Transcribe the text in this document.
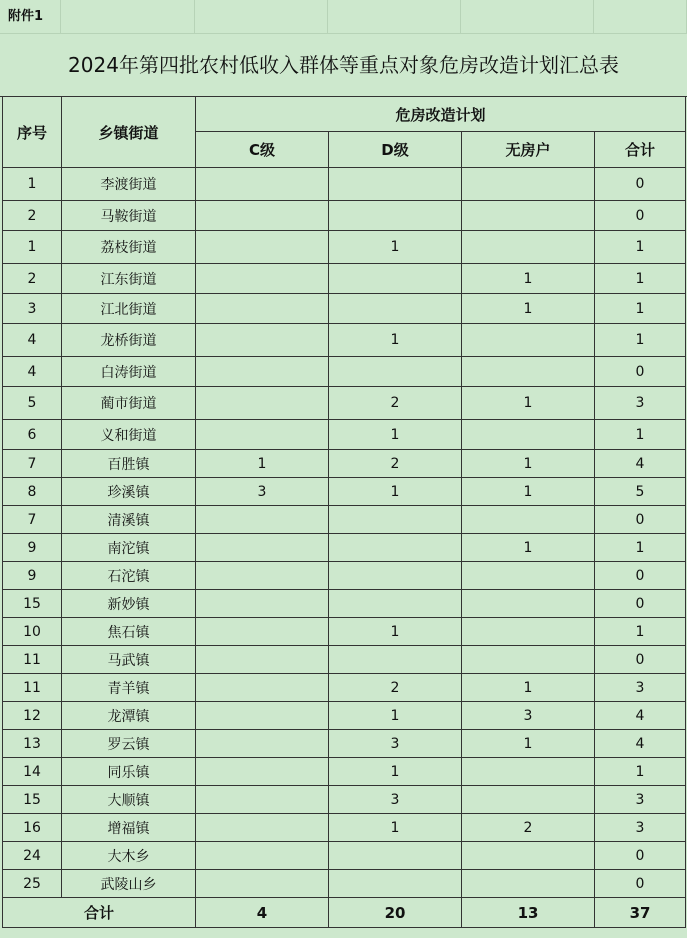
附件1
2024年第四批农村低收入群体等重点对象危房改造计划汇总表
序号	乡镇街道	危房改造计划			
		C级	D级	无房户	合计
1	李渡街道				0
2	马鞍街道				0
1	荔枝街道		1		1
2	江东街道			1	1
3	江北街道			1	1
4	龙桥街道		1		1
4	白涛街道				0
5	蔺市街道		2	1	3
6	义和街道		1		1
7	百胜镇	1	2	1	4
8	珍溪镇	3	1	1	5
7	清溪镇				0
9	南沱镇			1	1
9	石沱镇				0
15	新妙镇				0
10	焦石镇		1		1
11	马武镇				0
11	青羊镇		2	1	3
12	龙潭镇		1	3	4
13	罗云镇		3	1	4
14	同乐镇		1		1
15	大顺镇		3		3
16	增福镇		1	2	3
24	大木乡				0
25	武陵山乡				0
合计		4	20	13	37
